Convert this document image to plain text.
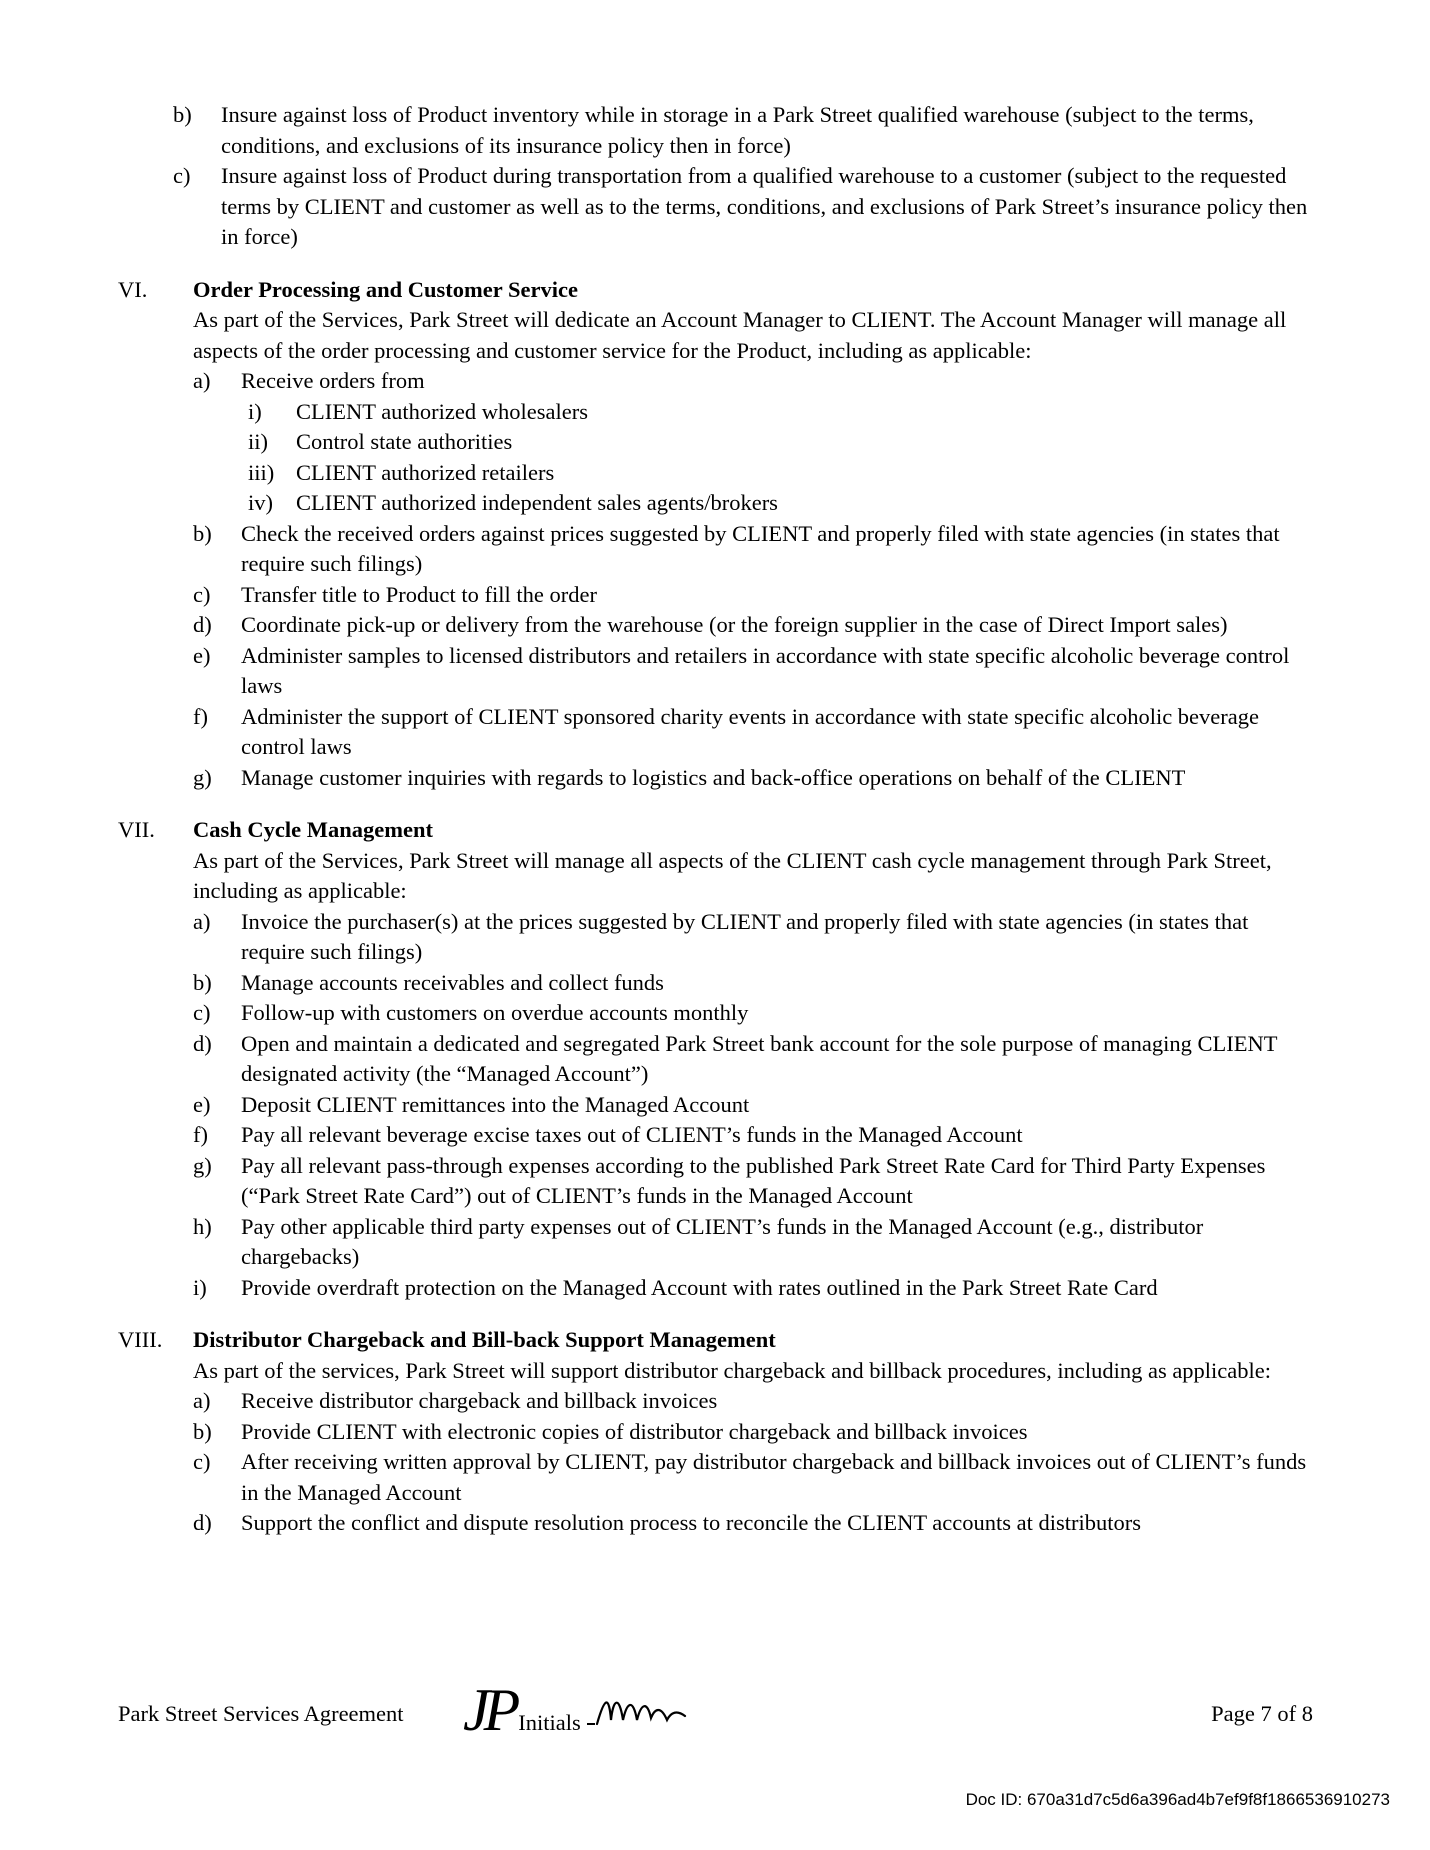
b)	Insure against loss of Product inventory while in storage in a Park Street qualified warehouse (subject to the terms, conditions, and exclusions of its insurance policy then in force)
c)	Insure against loss of Product during transportation from a qualified warehouse to a customer (subject to the requested terms by CLIENT and customer as well as to the terms, conditions, and exclusions of Park Street’s insurance policy then in force)
VI.	Order Processing and Customer Service
As part of the Services, Park Street will dedicate an Account Manager to CLIENT. The Account Manager will manage all aspects of the order processing and customer service for the Product, including as applicable:
a)	Receive orders from
i)	CLIENT authorized wholesalers
ii)	Control state authorities
iii) CLIENT authorized retailers
iv)	CLIENT authorized independent sales agents/brokers
b)	Check the received orders against prices suggested by CLIENT and properly filed with state agencies (in states that require such filings)
c)	Transfer title to Product to fill the order
d)	Coordinate pick-up or delivery from the warehouse (or the foreign supplier in the case of Direct Import sales)
e)	Administer samples to licensed distributors and retailers in accordance with state specific alcoholic beverage control laws
f)	Administer the support of CLIENT sponsored charity events in accordance with state specific alcoholic beverage control laws
g)	Manage customer inquiries with regards to logistics and back-office operations on behalf of the CLIENT
VII.	Cash Cycle Management
As part of the Services, Park Street will manage all aspects of the CLIENT cash cycle management through Park Street, including as applicable:
a)	Invoice the purchaser(s) at the prices suggested by CLIENT and properly filed with state agencies (in states that require such filings)
b)	Manage accounts receivables and collect funds
c)	Follow-up with customers on overdue accounts monthly
d)	Open and maintain a dedicated and segregated Park Street bank account for the sole purpose of managing CLIENT designated activity (the “Managed Account”)
e)	Deposit CLIENT remittances into the Managed Account
f)	Pay all relevant beverage excise taxes out of CLIENT’s funds in the Managed Account
g)	Pay all relevant pass-through expenses according to the published Park Street Rate Card for Third Party Expenses (“Park Street Rate Card”) out of CLIENT’s funds in the Managed Account
h)	Pay other applicable third party expenses out of CLIENT’s funds in the Managed Account (e.g., distributor chargebacks)
i)	Provide overdraft protection on the Managed Account with rates outlined in the Park Street Rate Card
VIII.	Distributor Chargeback and Bill-back Support Management
As part of the services, Park Street will support distributor chargeback and billback procedures, including as applicable:
a)	Receive distributor chargeback and billback invoices
b)	Provide CLIENT with electronic copies of distributor chargeback and billback invoices
c)	After receiving written approval by CLIENT, pay distributor chargeback and billback invoices out of CLIENT’s funds in the Managed Account
d)	Support the conflict and dispute resolution process to reconcile the CLIENT accounts at distributors
Park Street Services Agreement JP Initials	Page 7 of 8
Doc ID: 670a31d7c5d6a396ad4b7ef9f8f1866536910273
